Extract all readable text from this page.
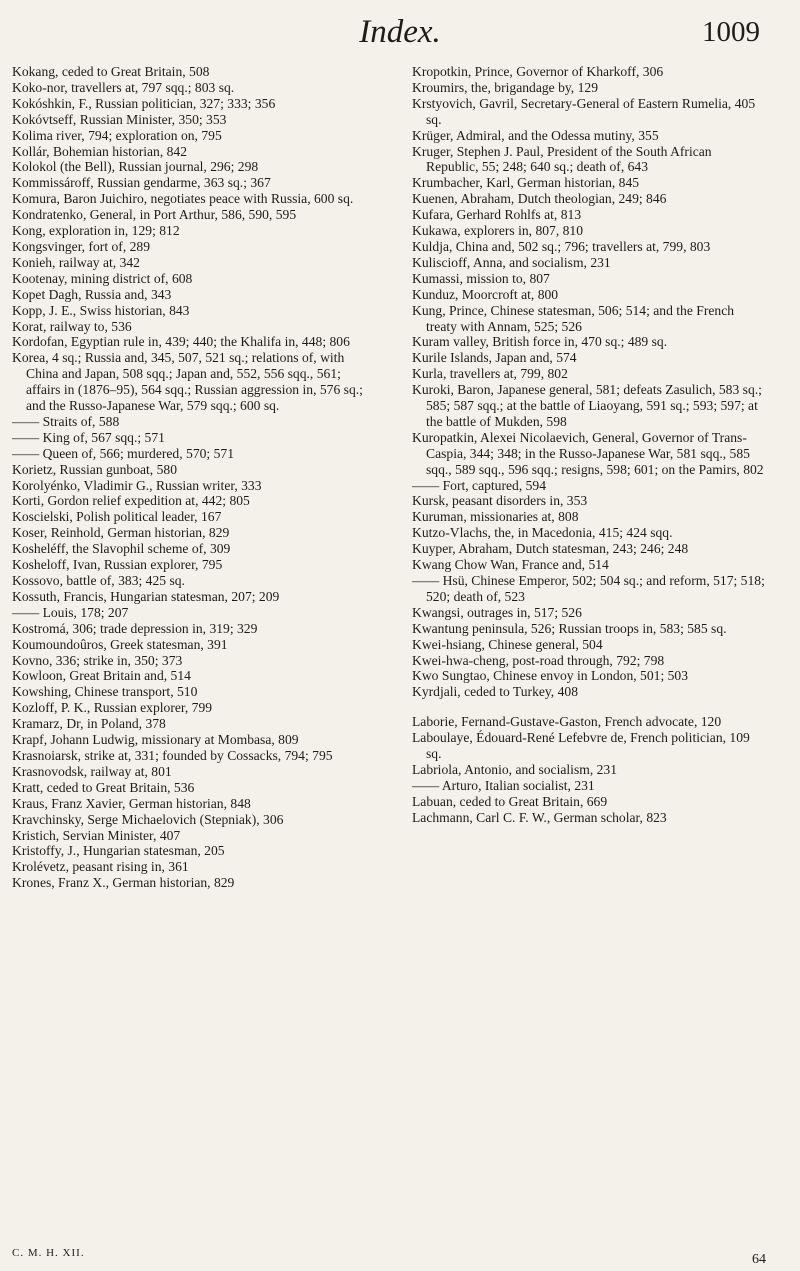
Index.	1009

Kokang, ceded to Great Britain, 508

Koko-nor, travellers at, 797 sqq.; 803 sq.

Kokóshkin, F., Russian politician, 327; 333; 356

Kokóvtseff, Russian Minister, 350; 353

Kolima river, 794; exploration on, 795

Kollár, Bohemian historian, 842

Kolokol (the Bell), Russian journal, 296; 298

Kommissároff, Russian gendarme, 363 sq.; 367

Komura, Baron Juichiro, negotiates peace with Russia, 600 sq.

Kondratenko, General, in Port Arthur, 586, 590, 595

Kong, exploration in, 129; 812

Kongsvinger, fort of, 289

Konieh, railway at, 342

Kootenay, mining district of, 608

Kopet Dagh, Russia and, 343

Kopp, J. E., Swiss historian, 843

Korat, railway to, 536

Kordofan, Egyptian rule in, 439; 440; the Khalifa in, 448; 806

Korea, 4 sq.; Russia and, 345, 507, 521 sq.; relations of, with China and Japan, 508 sqq.; Japan and, 552, 556 sqq., 561; affairs in (1876–95), 564 sqq.; Russian aggression in, 576 sq.; and the Russo-Japanese War, 579 sqq.; 600 sq.

—— Straits of, 588

—— King of, 567 sqq.; 571

—— Queen of, 566; murdered, 570; 571

Korietz, Russian gunboat, 580

Korolyénko, Vladimir G., Russian writer, 333

Korti, Gordon relief expedition at, 442; 805

Koscielski, Polish political leader, 167

Koser, Reinhold, German historian, 829

Kosheléff, the Slavophil scheme of, 309

Kosheloff, Ivan, Russian explorer, 795

Kossovo, battle of, 383; 425 sq.

Kossuth, Francis, Hungarian statesman, 207; 209

—— Louis, 178; 207

Kostromá, 306; trade depression in, 319; 329

Koumoundoûros, Greek statesman, 391

Kovno, 336; strike in, 350; 373

Kowloon, Great Britain and, 514

Kowshing, Chinese transport, 510

Kozloff, P. K., Russian explorer, 799

Kramarz, Dr, in Poland, 378

Krapf, Johann Ludwig, missionary at Mombasa, 809

Krasnoiarsk, strike at, 331; founded by Cossacks, 794; 795

Krasnovodsk, railway at, 801

Kratt, ceded to Great Britain, 536

Kraus, Franz Xavier, German historian, 848

Kravchinsky, Serge Michaelovich (Stepniak), 306

Kristich, Servian Minister, 407

Kristoffy, J., Hungarian statesman, 205

Krolévetz, peasant rising in, 361

Krones, Franz X., German historian, 829

Kropotkin, Prince, Governor of Kharkoff, 306

Kroumirs, the, brigandage by, 129

Krstyovich, Gavril, Secretary-General of Eastern Rumelia, 405 sq.

Krüger, Admiral, and the Odessa mutiny, 355

Kruger, Stephen J. Paul, President of the South African Republic, 55; 248; 640 sq.; death of, 643

Krumbacher, Karl, German historian, 845

Kuenen, Abraham, Dutch theologian, 249; 846

Kufara, Gerhard Rohlfs at, 813

Kukawa, explorers in, 807, 810

Kuldja, China and, 502 sq.; 796; travellers at, 799, 803

Kuliscioff, Anna, and socialism, 231

Kumassi, mission to, 807

Kunduz, Moorcroft at, 800

Kung, Prince, Chinese statesman, 506; 514; and the French treaty with Annam, 525; 526

Kuram valley, British force in, 470 sq.; 489 sq.

Kurile Islands, Japan and, 574

Kurla, travellers at, 799, 802

Kuroki, Baron, Japanese general, 581; defeats Zasulich, 583 sq.; 585; 587 sqq.; at the battle of Liaoyang, 591 sq.; 593; 597; at the battle of Mukden, 598

Kuropatkin, Alexei Nicolaevich, General, Governor of Trans-Caspia, 344; 348; in the Russo-Japanese War, 581 sqq., 585 sqq., 589 sqq., 596 sqq.; resigns, 598; 601; on the Pamirs, 802

—— Fort, captured, 594

Kursk, peasant disorders in, 353

Kuruman, missionaries at, 808

Kutzo-Vlachs, the, in Macedonia, 415; 424 sqq.

Kuyper, Abraham, Dutch statesman, 243; 246; 248

Kwang Chow Wan, France and, 514

—— Hsü, Chinese Emperor, 502; 504 sq.; and reform, 517; 518; 520; death of, 523

Kwangsi, outrages in, 517; 526

Kwantung peninsula, 526; Russian troops in, 583; 585 sq.

Kwei-hsiang, Chinese general, 504

Kwei-hwa-cheng, post-road through, 792; 798

Kwo Sungtao, Chinese envoy in London, 501; 503

Kyrdjali, ceded to Turkey, 408

Laborie, Fernand-Gustave-Gaston, French advocate, 120

Laboulaye, Édouard-René Lefebvre de, French politician, 109 sq.

Labriola, Antonio, and socialism, 231

—— Arturo, Italian socialist, 231

Labuan, ceded to Great Britain, 669

Lachmann, Carl C. F. W., German scholar, 823

C. M. H. XII.	64
